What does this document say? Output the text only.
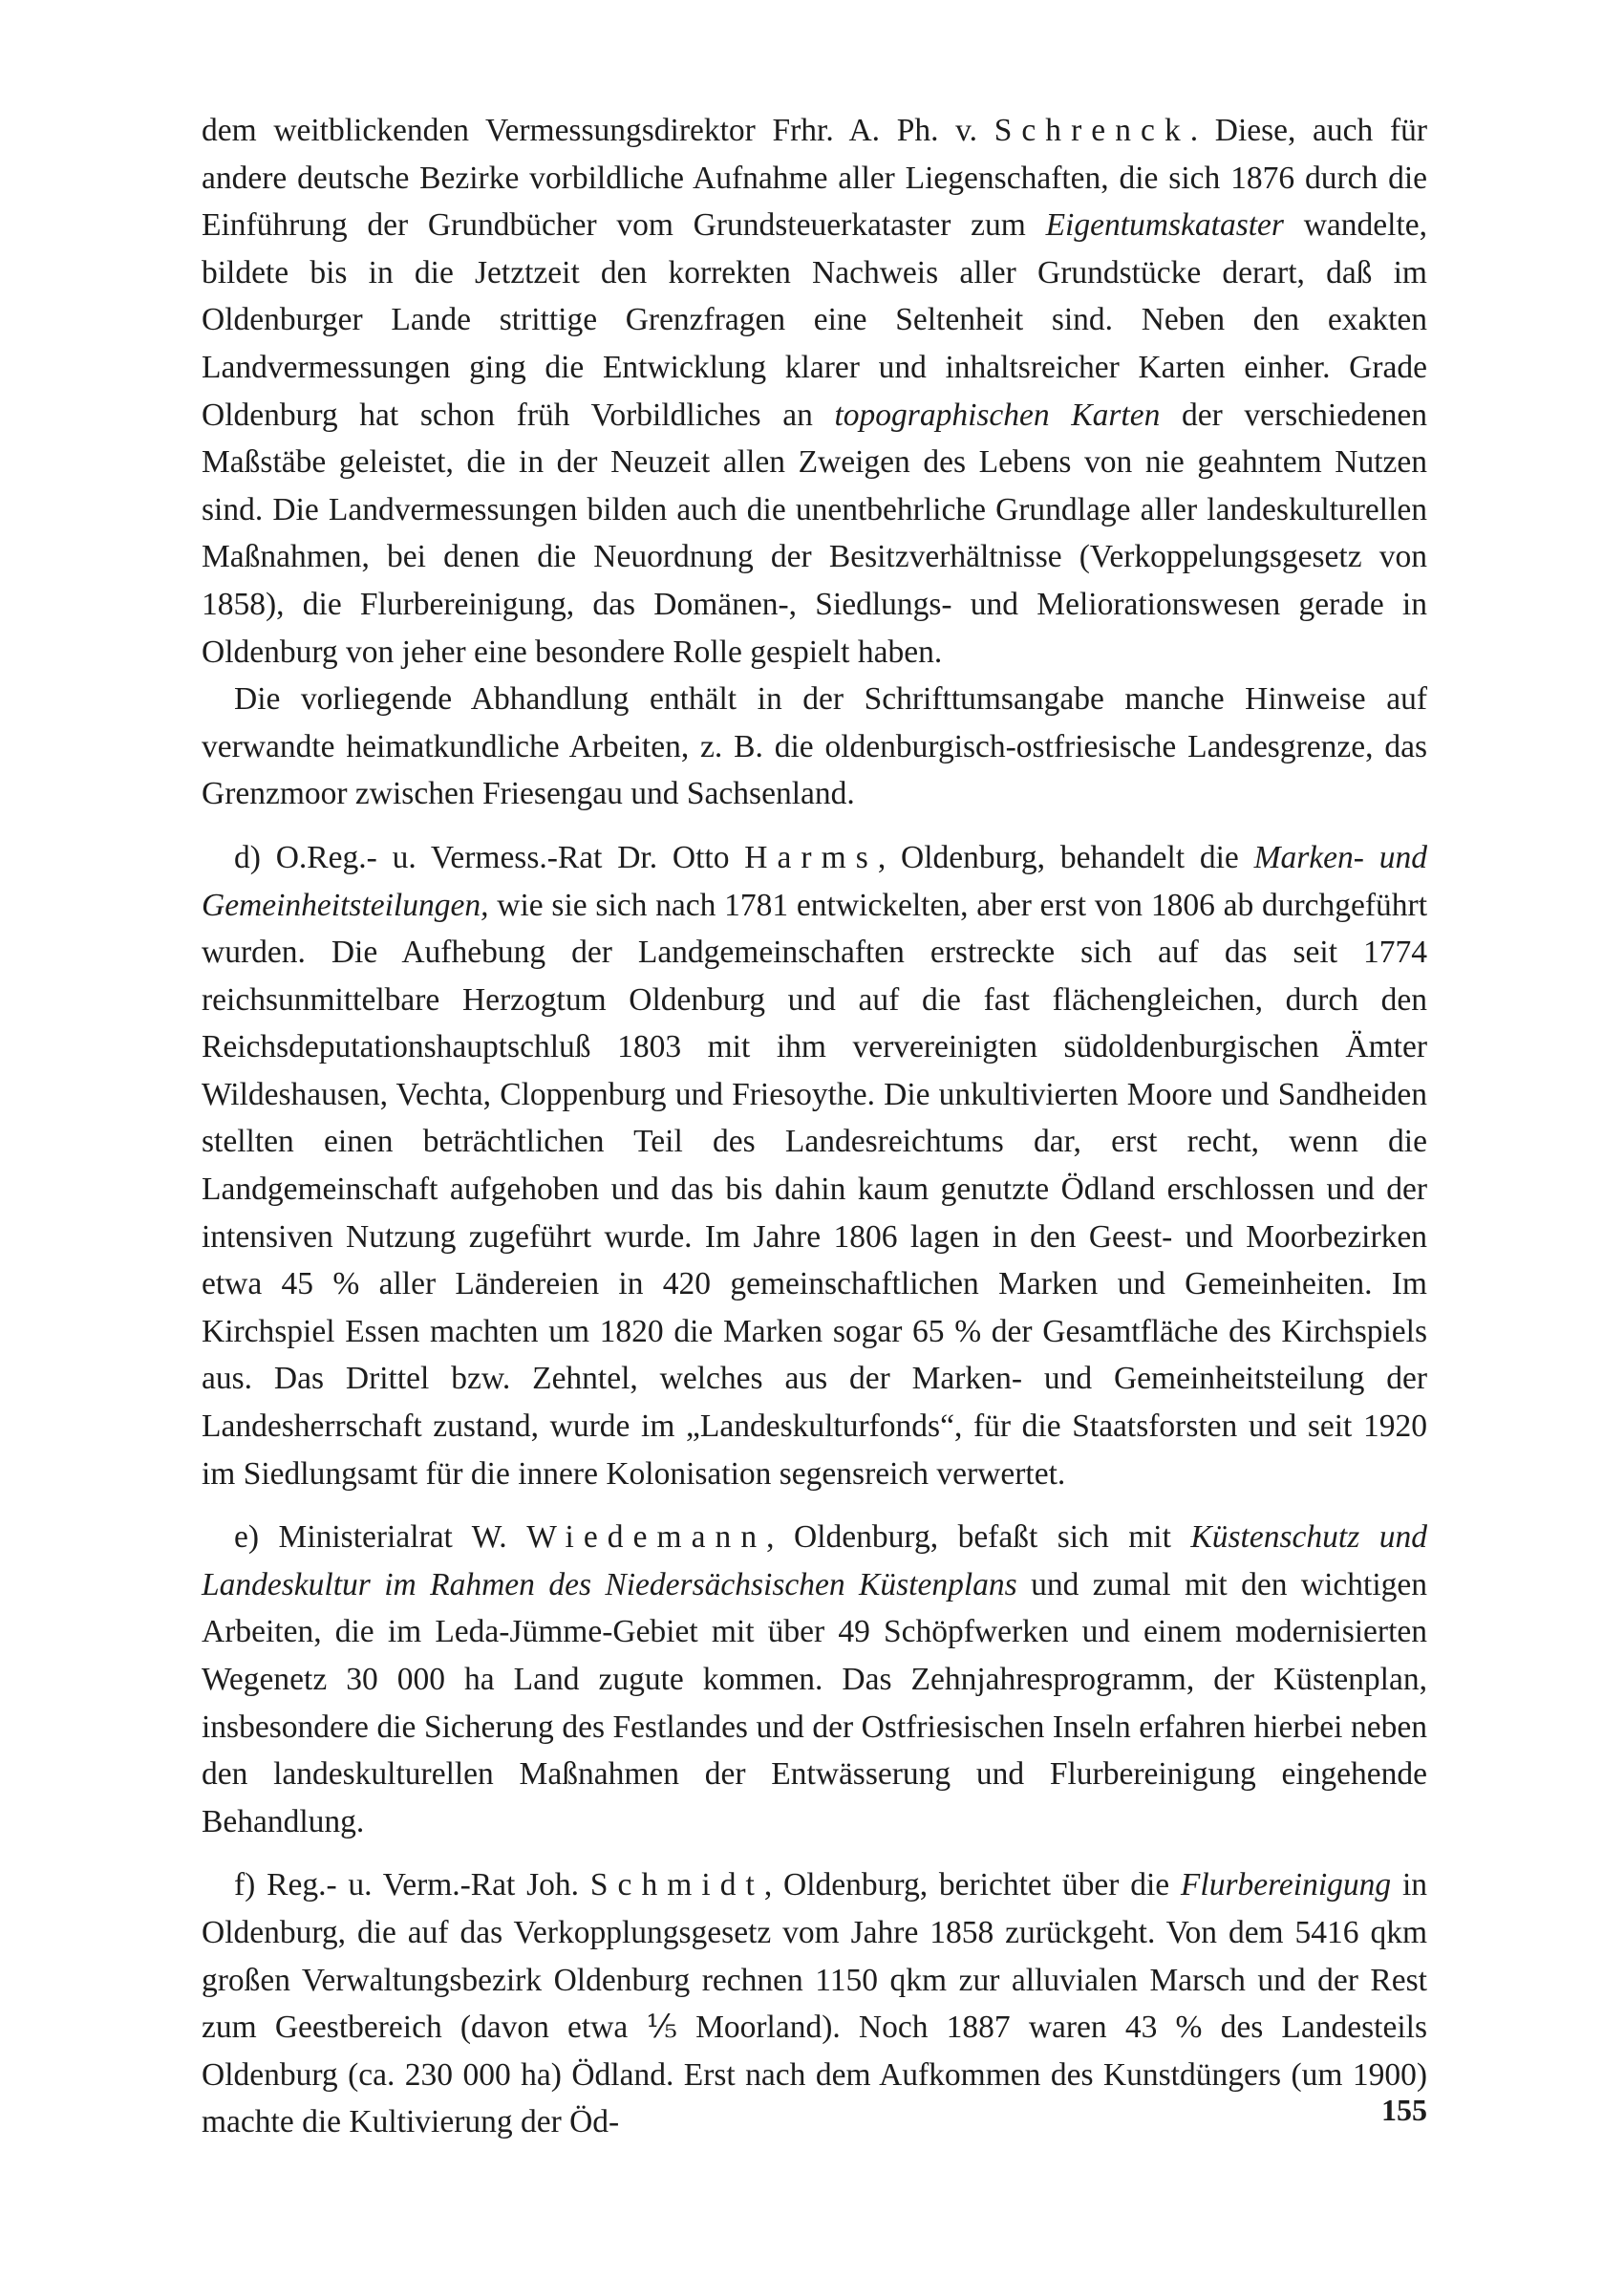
dem weitblickenden Vermessungsdirektor Frhr. A. Ph. v. Schrenck. Diese, auch für andere deutsche Bezirke vorbildliche Aufnahme aller Liegenschaften, die sich 1876 durch die Einführung der Grundbücher vom Grundsteuerkataster zum Eigentumskataster wandelte, bildete bis in die Jetztzeit den korrekten Nachweis aller Grundstücke derart, daß im Oldenburger Lande strittige Grenzfragen eine Seltenheit sind. Neben den exakten Landvermessungen ging die Entwicklung klarer und inhaltsreicher Karten einher. Grade Oldenburg hat schon früh Vorbildliches an topographischen Karten der verschiedenen Maßstäbe geleistet, die in der Neuzeit allen Zweigen des Lebens von nie geahntem Nutzen sind. Die Landvermessungen bilden auch die unentbehrliche Grundlage aller landeskulturellen Maßnahmen, bei denen die Neuordnung der Besitzverhältnisse (Verkoppelungsgesetz von 1858), die Flurbereinigung, das Domänen-, Siedlungs- und Meliorationswesen gerade in Oldenburg von jeher eine besondere Rolle gespielt haben.

Die vorliegende Abhandlung enthält in der Schrifttumsangabe manche Hinweise auf verwandte heimatkundliche Arbeiten, z. B. die oldenburgisch-ostfriesische Landesgrenze, das Grenzmoor zwischen Friesengau und Sachsenland.

d) O.Reg.- u. Vermess.-Rat Dr. Otto Harms, Oldenburg, behandelt die Marken- und Gemeinheitsteilungen, wie sie sich nach 1781 entwickelten, aber erst von 1806 ab durchgeführt wurden. Die Aufhebung der Landgemeinschaften erstreckte sich auf das seit 1774 reichsunmittelbare Herzogtum Oldenburg und auf die fast flächengleichen, durch den Reichsdeputationshauptschluß 1803 mit ihm ververeinigten südoldenburgischen Ämter Wildeshausen, Vechta, Cloppenburg und Friesoythe. Die unkultivierten Moore und Sandheiden stellten einen beträchtlichen Teil des Landesreichtums dar, erst recht, wenn die Landgemeinschaft aufgehoben und das bis dahin kaum genutzte Ödland erschlossen und der intensiven Nutzung zugeführt wurde. Im Jahre 1806 lagen in den Geest- und Moorbezirken etwa 45 % aller Ländereien in 420 gemeinschaftlichen Marken und Gemeinheiten. Im Kirchspiel Essen machten um 1820 die Marken sogar 65 % der Gesamtfläche des Kirchspiels aus. Das Drittel bzw. Zehntel, welches aus der Marken- und Gemeinheitsteilung der Landesherrschaft zustand, wurde im „Landeskulturfonds“, für die Staatsforsten und seit 1920 im Siedlungsamt für die innere Kolonisation segensreich verwertet.

e) Ministerialrat W. Wiedemann, Oldenburg, befaßt sich mit Küstenschutz und Landeskultur im Rahmen des Niedersächsischen Küstenplans und zumal mit den wichtigen Arbeiten, die im Leda-Jümme-Gebiet mit über 49 Schöpfwerken und einem modernisierten Wegenetz 30 000 ha Land zugute kommen. Das Zehnjahresprogramm, der Küstenplan, insbesondere die Sicherung des Festlandes und der Ostfriesischen Inseln erfahren hierbei neben den landeskulturellen Maßnahmen der Entwässerung und Flurbereinigung eingehende Behandlung.

f) Reg.- u. Verm.-Rat Joh. Schmidt, Oldenburg, berichtet über die Flurbereinigung in Oldenburg, die auf das Verkopplungsgesetz vom Jahre 1858 zurückgeht. Von dem 5416 qkm großen Verwaltungsbezirk Oldenburg rechnen 1150 qkm zur alluvialen Marsch und der Rest zum Geestbereich (davon etwa ⅕ Moorland). Noch 1887 waren 43 % des Landesteils Oldenburg (ca. 230 000 ha) Ödland. Erst nach dem Aufkommen des Kunstdüngers (um 1900) machte die Kultivierung der Öd-	155
